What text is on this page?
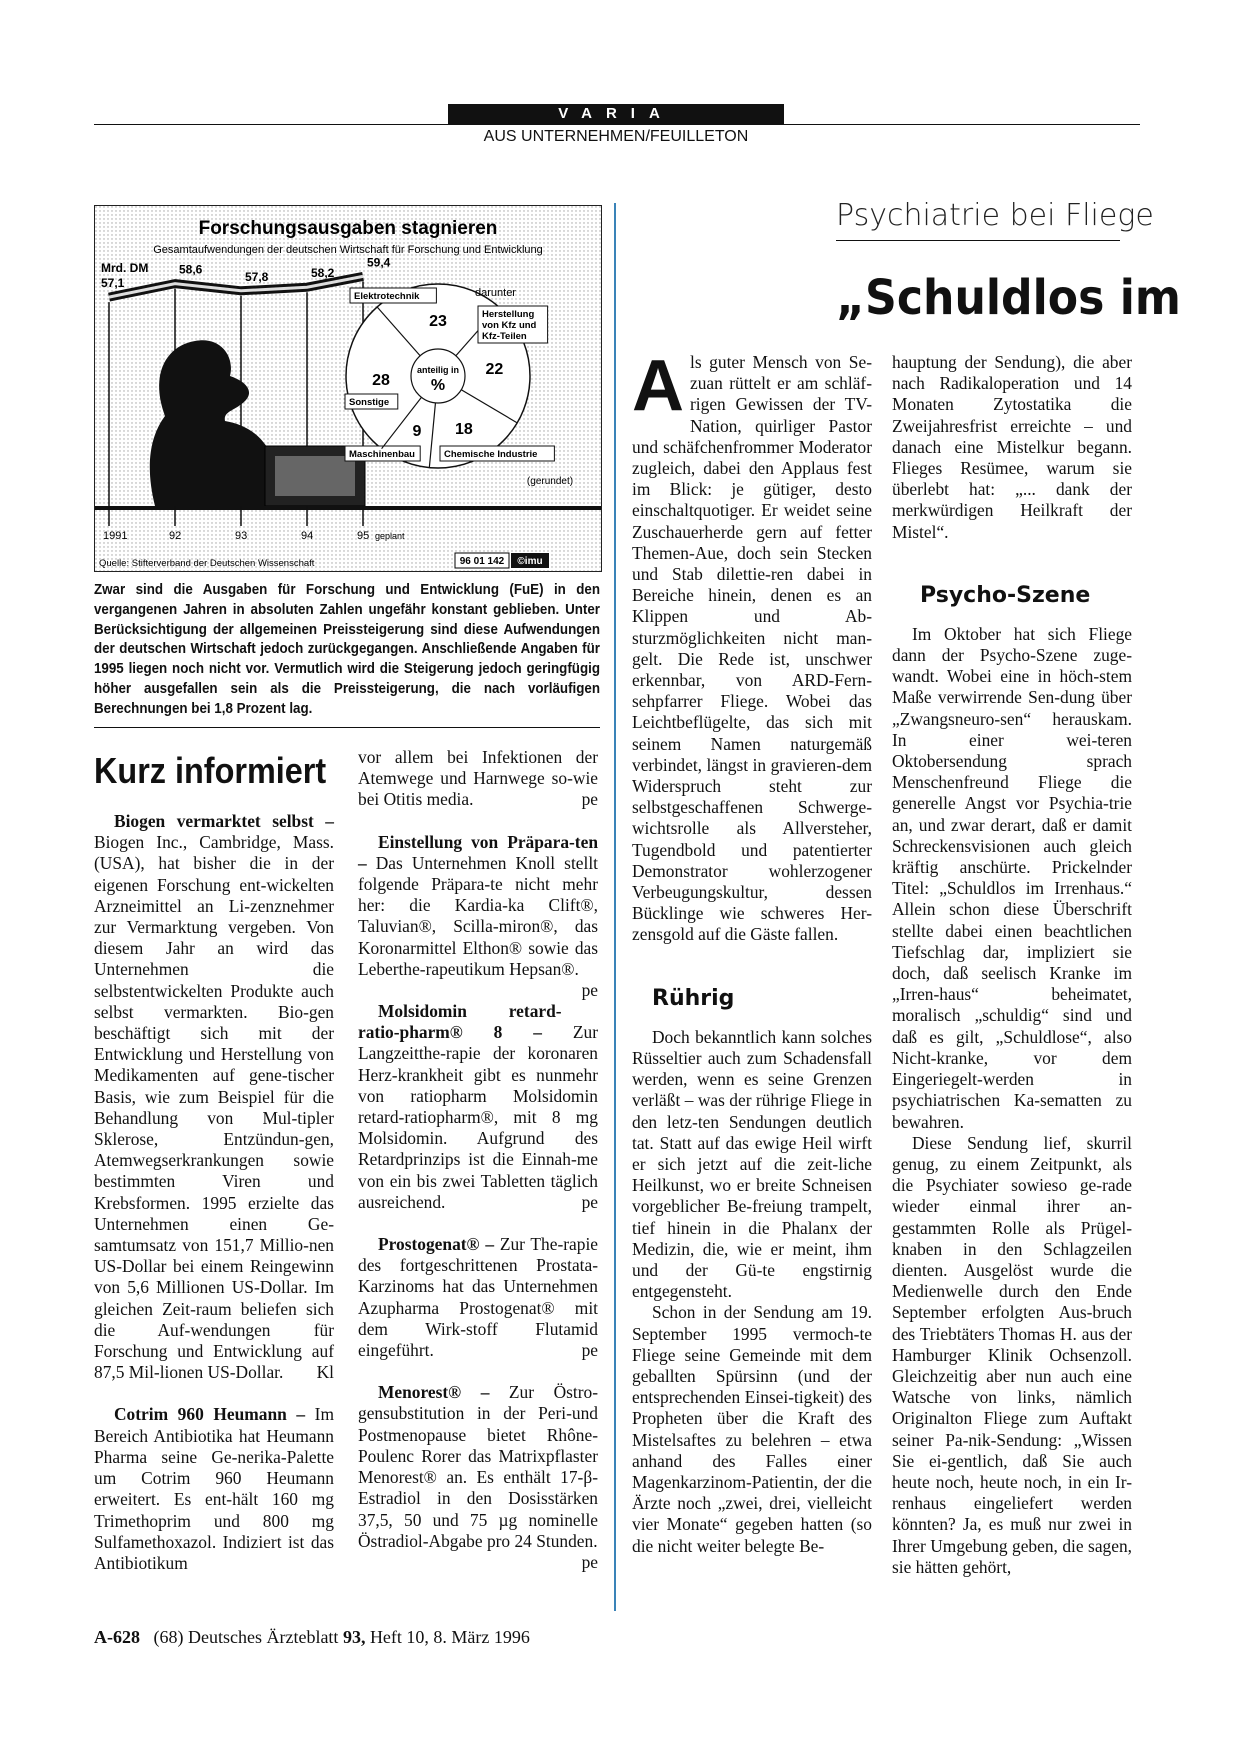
VARIA
AUS UNTERNEHMEN/FEUILLETON
Forschungsausgaben stagnieren
Gesamtaufwendungen der deutschen Wirtschaft für Forschung und Entwicklung
Mrd. DM
57,1
58,6
57,8	58,2
59,4
23
Elektrotechnik
22
Herstellung
von Kfz und
Kfz-Teilen
18
Chemische Industrie
9
Maschinenbau
28
Sonstige
anteilig in
%
1991	92	93	94	95 geplant
darunter
(gerundet)
Quelle: Stifterverband der Deutschen Wissenschaft	96 01 142 ©imu
Zwar sind die Ausgaben für Forschung und Entwicklung (FuE) in den vergangenen Jahren in absoluten Zahlen ungefähr konstant geblieben. Unter Berücksichtigung der allgemeinen Preissteigerung sind diese Aufwendungen der deutschen Wirtschaft jedoch zurückgegangen. Anschließende Angaben für 1995 liegen noch nicht vor. Vermutlich wird die Steigerung jedoch geringfügig höher ausgefallen sein als die Preissteigerung, die nach vorläufigen Berechnungen bei 1,8 Prozent lag.
Kurz informiert

Biogen vermarktet selbst – Biogen Inc., Cambridge, Mass. (USA), hat bisher die in der eigenen Forschung ent-wickelten Arzneimittel an Li-zenznehmer zur Vermarktung vergeben. Von diesem Jahr an wird das Unternehmen die selbstentwickelten Produkte auch selbst vermarkten. Bio-gen beschäftigt sich mit der Entwicklung und Herstellung von Medikamenten auf gene-tischer Basis, wie zum Beispiel für die Behandlung von Mul-tipler Sklerose, Entzündun-gen, Atemwegserkrankungen sowie bestimmten Viren und Krebsformen. 1995 erzielte das Unternehmen einen Ge-samtumsatz von 151,7 Millio-nen US-Dollar bei einem Reingewinn von 5,6 Millionen US-Dollar. Im gleichen Zeit-raum beliefen sich die Auf-wendungen für Forschung und Entwicklung auf 87,5 Mil-lionen US-Dollar.	Kl

Cotrim 960 Heumann – Im Bereich Antibiotika hat Heumann Pharma seine Ge-nerika-Palette um Cotrim 960 Heumann erweitert. Es ent-hält 160 mg Trimethoprim und 800 mg Sulfamethoxazol. Indiziert ist das Antibiotikum

vor allem bei Infektionen der Atemwege und Harnwege so-wie bei Otitis media.	pe

Einstellung von Präpara-ten – Das Unternehmen Knoll stellt folgende Präpara-te nicht mehr her: die Kardia-ka Clift®, Taluvian®, Scilla-miron®, das Koronarmittel Elthon® sowie das Leberthe-rapeutikum Hepsan®.
pe

Molsidomin retard-ratio-pharm® 8 – Zur Langzeitthe-rapie der koronaren Herz-krankheit gibt es nunmehr von ratiopharm Molsidomin retard-ratiopharm®, mit 8 mg Molsidomin. Aufgrund des Retardprinzips ist die Einnah-me von ein bis zwei Tabletten täglich ausreichend.	pe

Prostogenat® – Zur The-rapie des fortgeschrittenen Prostata-Karzinoms hat das Unternehmen Azupharma Prostogenat® mit dem Wirk-stoff Flutamid eingeführt.	pe

Menorest® – Zur Östro-gensubstitution in der Peri-und Postmenopause bietet Rhône-Poulenc Rorer das Matrixpflaster Menorest® an. Es enthält 17-β-Estradiol in den Dosisstärken 37,5, 50 und 75 µg nominelle Östradiol-Abgabe pro 24 Stunden.
pe

Psychiatrie bei Fliege
„Schuldlos im

Als guter Mensch von Se-zuan rüttelt er am schläf-rigen Gewissen der TV-Nation, quirliger Pastor und schäfchenfrommer Moderator zugleich, dabei den Applaus fest im Blick: je gütiger, desto einschaltquotiger. Er weidet seine Zuschauerherde gern auf fetter Themen-Aue, doch sein Stecken und Stab dilettie-ren dabei in Bereiche hinein, denen es an Klippen und Ab-sturzmöglichkeiten nicht man-gelt. Die Rede ist, unschwer erkennbar, von ARD-Fern-sehpfarrer Fliege. Wobei das Leichtbeflügelte, das sich mit seinem Namen naturgemäß verbindet, längst in gravieren-dem Widerspruch steht zur selbstgeschaffenen Schwerge-wichtsrolle als Allversteher, Tugendbold und patentierter Demonstrator wohlerzogener Verbeugungskultur, dessen Bücklinge wie schweres Her-zensgold auf die Gäste fallen.

Rührig

Doch bekanntlich kann solches Rüsseltier auch zum Schadensfall werden, wenn es seine Grenzen verläßt – was der rührige Fliege in den letz-ten Sendungen deutlich tat. Statt auf das ewige Heil wirft er sich jetzt auf die zeit-liche Heilkunst, wo er breite Schneisen vorgeblicher Be-freiung trampelt, tief hinein in die Phalanx der Medizin, die, wie er meint, ihm und der Gü-te engstirnig entgegensteht.

Schon in der Sendung am 19. September 1995 vermoch-te Fliege seine Gemeinde mit dem geballten Spürsinn (und der entsprechenden Einsei-tigkeit) des Propheten über die Kraft des Mistelsaftes zu belehren – etwa anhand des Falles einer Magenkarzinom-Patientin, der die Ärzte noch „zwei, drei, vielleicht vier Monate“ gegeben hatten (so die nicht weiter belegte Be-

hauptung der Sendung), die aber nach Radikaloperation und 14 Monaten Zytostatika die Zweijahresfrist erreichte – und danach eine Mistelkur begann. Flieges Resümee, warum sie überlebt hat: „... dank der merkwürdigen Heilkraft der Mistel“.

Psycho-Szene

Im Oktober hat sich Fliege dann der Psycho-Szene zuge-wandt. Wobei eine in höch-stem Maße verwirrende Sen-dung über „Zwangsneuro-sen“ herauskam. In einer wei-teren Oktobersendung sprach Menschenfreund Fliege die generelle Angst vor Psychia-trie an, und zwar derart, daß er damit Schreckensvisionen auch gleich kräftig anschürte. Prickelnder Titel: „Schuldlos im Irrenhaus.“ Allein schon diese Überschrift stellte dabei einen beachtlichen Tiefschlag dar, impliziert sie doch, daß seelisch Kranke im „Irren-haus“ beheimatet, moralisch „schuldig“ sind und daß es gilt, „Schuldlose“, also Nicht-kranke, vor dem Eingeriegelt-werden in psychiatrischen Ka-sematten zu bewahren.

Diese Sendung lief, skurril genug, zu einem Zeitpunkt, als die Psychiater sowieso ge-rade wieder einmal ihrer an-gestammten Rolle als Prügel-knaben in den Schlagzeilen dienten. Ausgelöst wurde die Medienwelle durch den Ende September erfolgten Aus-bruch des Triebtäters Thomas H. aus der Hamburger Klinik Ochsenzoll. Gleichzeitig aber nun auch eine Watsche von links, nämlich Originalton Fliege zum Auftakt seiner Pa-nik-Sendung: „Wissen Sie ei-gentlich, daß Sie auch heute noch, heute noch, in ein Ir-renhaus eingeliefert werden könnten? Ja, es muß nur zwei in Ihrer Umgebung geben, die sagen, sie hätten gehört,

A-628 (68) Deutsches Ärzteblatt 93, Heft 10, 8. März 1996
